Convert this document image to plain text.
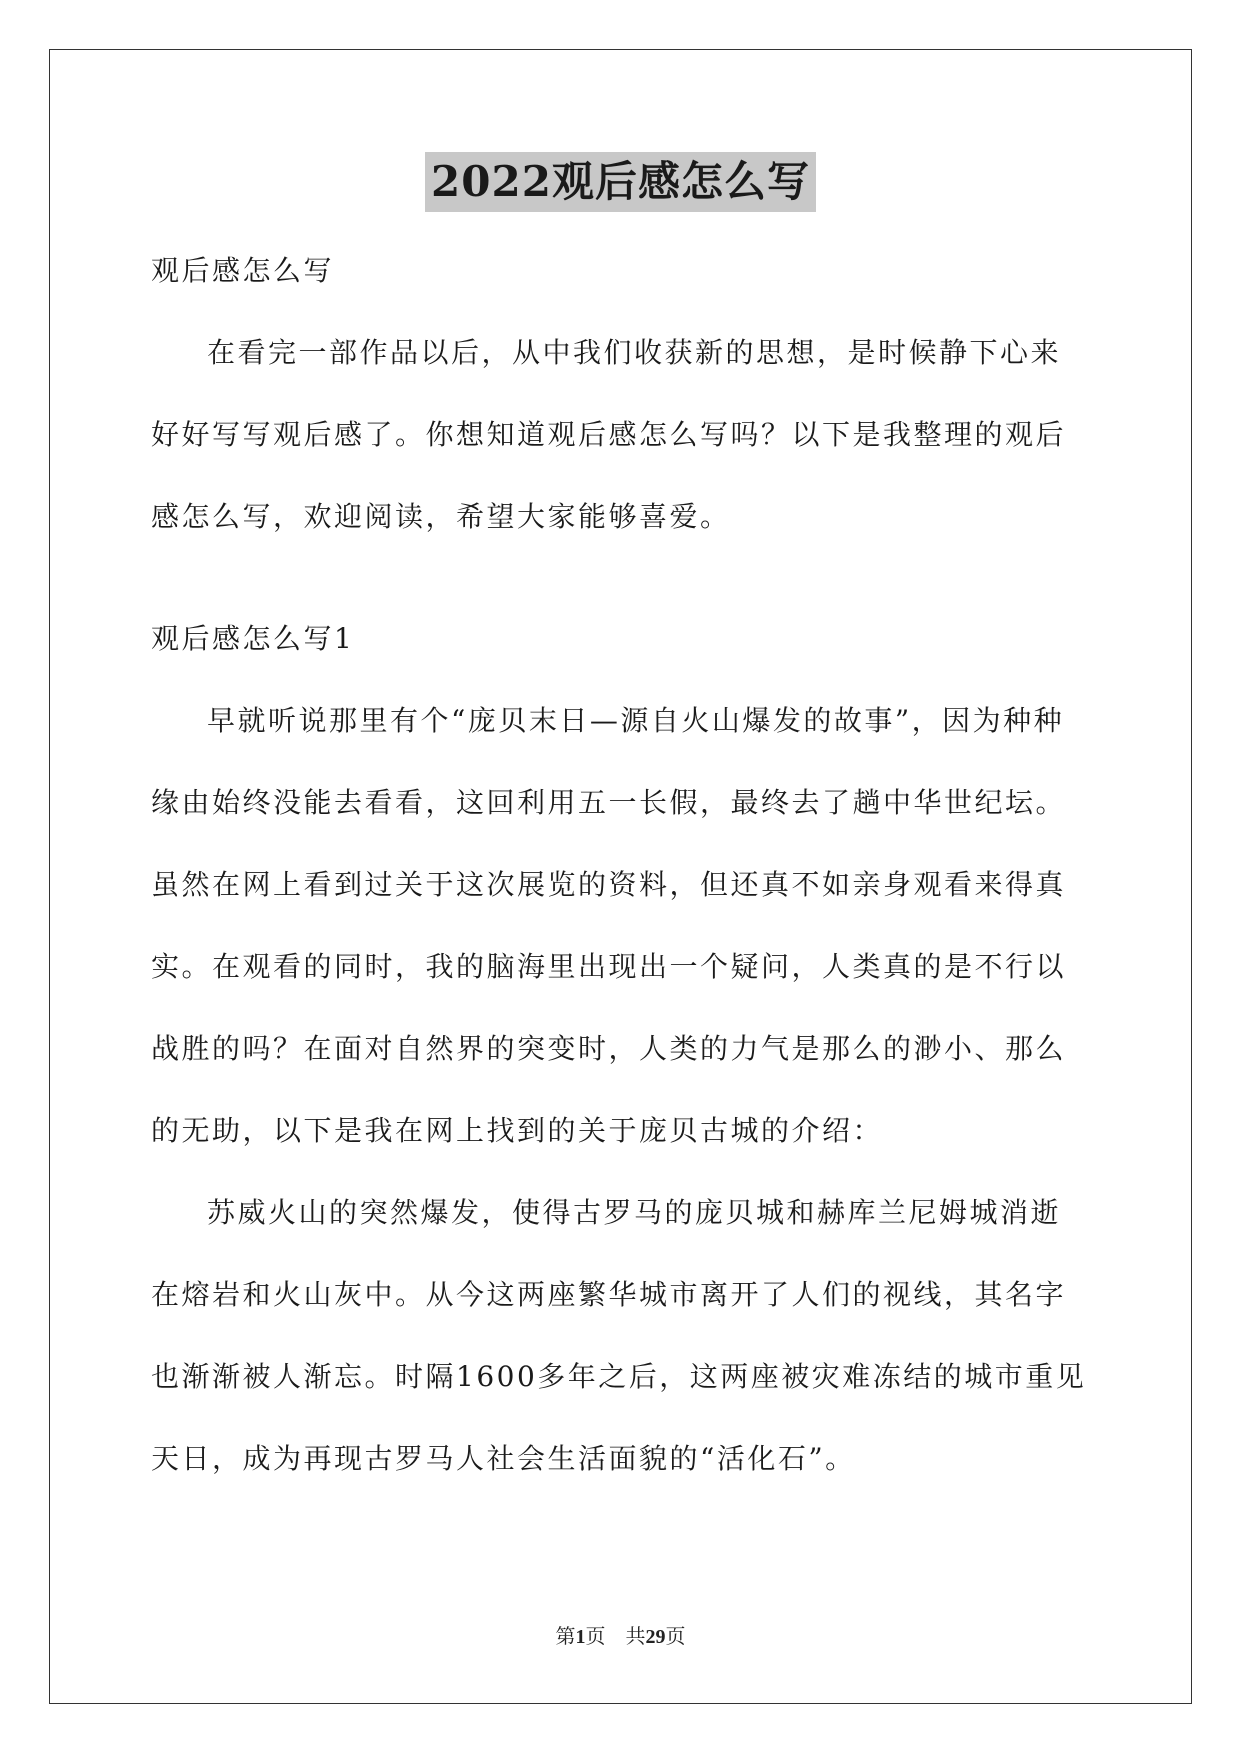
2022观后感怎么写

观后感怎么写

在看完一部作品以后，从中我们收获新的思想，是时候静下心来好好写写观后感了。你想知道观后感怎么写吗？以下是我整理的观后感怎么写，欢迎阅读，希望大家能够喜爱。

观后感怎么写1

早就听说那里有个“庞贝末日—源自火山爆发的故事”，因为种种缘由始终没能去看看，这回利用五一长假，最终去了趟中华世纪坛。虽然在网上看到过关于这次展览的资料，但还真不如亲身观看来得真实。在观看的同时，我的脑海里出现出一个疑问，人类真的是不行以战胜的吗？在面对自然界的突变时，人类的力气是那么的渺小、那么的无助，以下是我在网上找到的关于庞贝古城的介绍：

苏威火山的突然爆发，使得古罗马的庞贝城和赫库兰尼姆城消逝在熔岩和火山灰中。从今这两座繁华城市离开了人们的视线，其名字也渐渐被人渐忘。时隔1600多年之后，这两座被灾难冻结的城市重见天日，成为再现古罗马人社会生活面貌的“活化石”。

第1页 共29页
